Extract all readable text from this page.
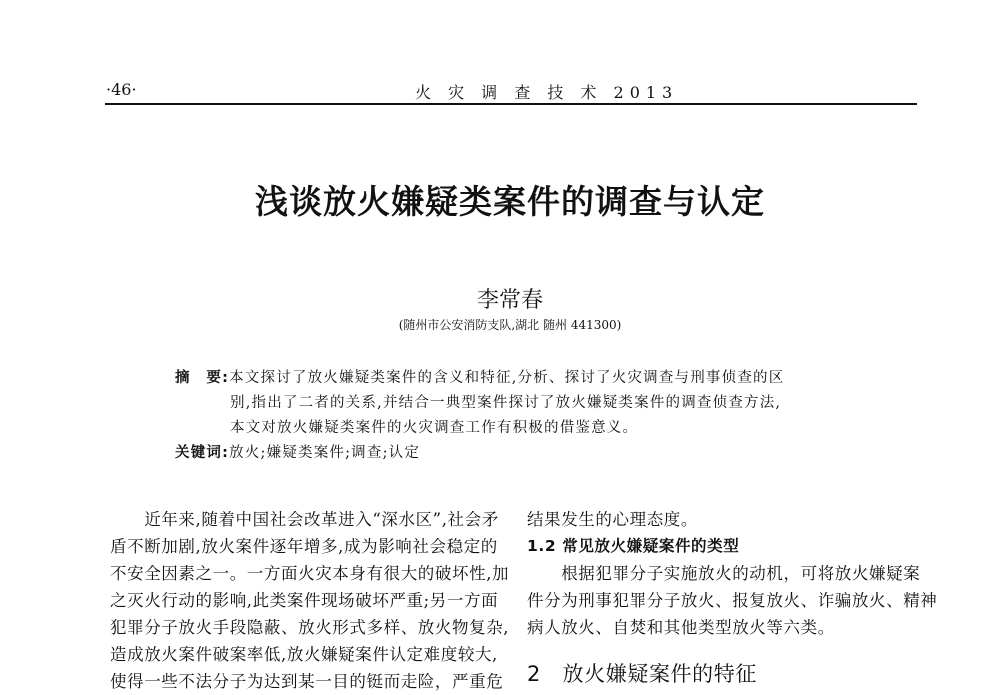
·46·	火 灾 调 查 技 术 2013
浅谈放火嫌疑类案件的调查与认定
李常春
(随州市公安消防支队,湖北 随州 441300)
摘　要:本文探讨了放火嫌疑类案件的含义和特征,分析、探讨了火灾调查与刑事侦查的区
别,指出了二者的关系,并结合一典型案件探讨了放火嫌疑类案件的调查侦查方法,
本文对放火嫌疑类案件的火灾调查工作有积极的借鉴意义。
关键词:放火;嫌疑类案件;调查;认定

　　近年来,随着中国社会改革进入“深水区”,社会矛

盾不断加剧,放火案件逐年增多,成为影响社会稳定的

不安全因素之一。一方面火灾本身有很大的破坏性,加

之灭火行动的影响,此类案件现场破坏严重;另一方面

犯罪分子放火手段隐蔽、放火形式多样、放火物复杂,

造成放火案件破案率低,放火嫌疑案件认定难度较大,

使得一些不法分子为达到某一目的铤而走险，严重危

结果发生的心理态度。

1.2 常见放火嫌疑案件的类型

　　根据犯罪分子实施放火的动机，可将放火嫌疑案

件分为刑事犯罪分子放火、报复放火、诈骗放火、精神

病人放火、自焚和其他类型放火等六类。

2　放火嫌疑案件的特征
